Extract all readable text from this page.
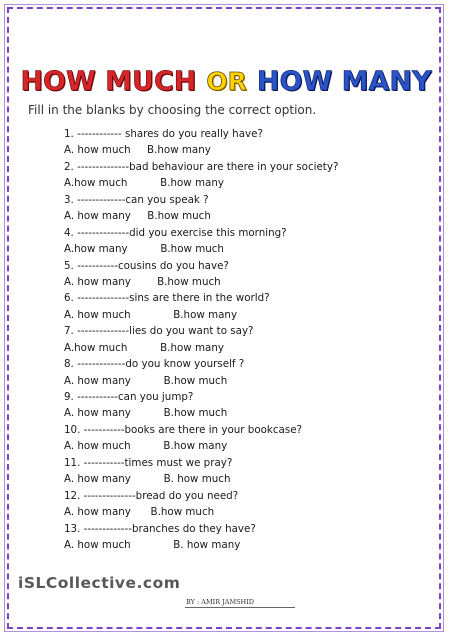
HOW MUCH OR HOW MANY
Fill in the blanks by choosing the correct option.
1. ------------ shares do you really have?
A. how much     B.how many
2. --------------bad behaviour are there in your society?
A.how much          B.how many
3. -------------can you speak ?
A. how many     B.how much
4. --------------did you exercise this morning?
A.how many          B.how much
5. -----------cousins do you have?
A. how many        B.how much
6. --------------sins are there in the world?
A. how much             B.how many
7. --------------lies do you want to say?
A.how much          B.how many
8. -------------do you know yourself ?
A. how many          B.how much
9. -----------can you jump?
A. how many          B.how much
10. -----------books are there in your bookcase?
A. how much          B.how many
11. -----------times must we pray?
A. how many          B. how much
12. --------------bread do you need?
A. how many      B.how much
13. -------------branches do they have?
A. how much             B. how many
iSLCollective.com
BY : AMIR JAMSHID
